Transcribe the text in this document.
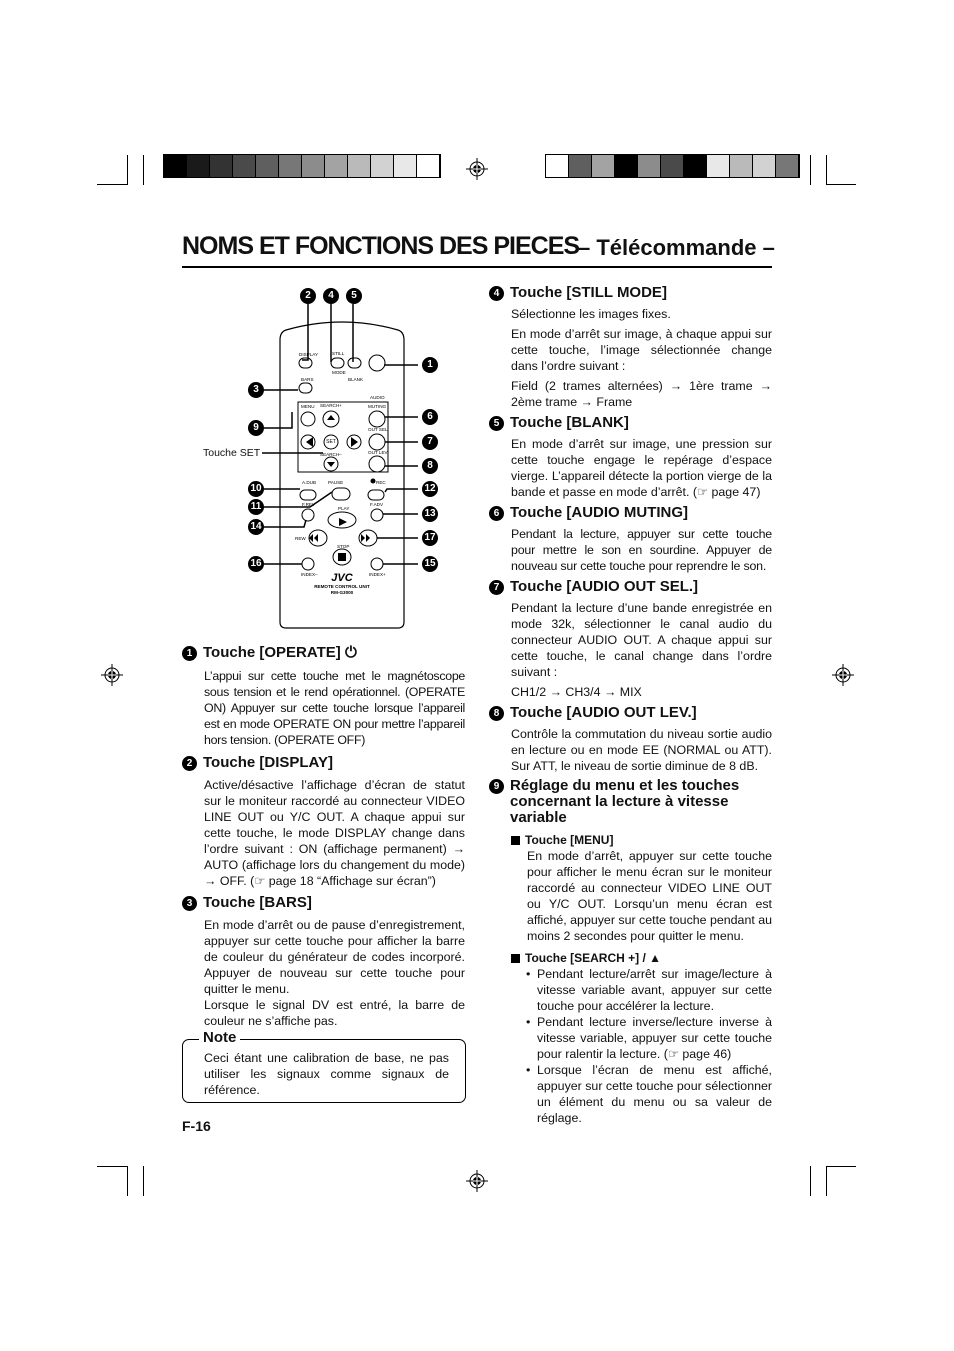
NOMS ET FONCTIONS DES PIECES
– Télécommande –
SET
DISPLAY	STILL
MODE
BLANK
BARS
AUDIO
MUTING
MENU SEARCH+
OUT SEL.
SEARCH–	OUT LEV.
A.DUB	PAUSE	REC
F.REV	F.ADV
PLAY
REW
STOP
INDEX–	INDEX+
REMOTE CONTROL UNIT
RM-G3000
JVC
2	4	5
1
3
6
9
7
8
Touche SET
10	12
11
13
14
17
16	15
1 Touche [OPERATE] ⏻

L’appui sur cette touche met le magnétoscope sous tension et le rend opérationnel. (OPERATE ON) Appuyer sur cette touche lorsque l’appareil est en mode OPERATE ON pour mettre l’appareil hors tension. (OPERATE OFF)

2 Touche [DISPLAY]

Active/désactive l’affichage d’écran de statut sur le moniteur raccordé au connecteur VIDEO LINE OUT ou Y/C OUT. A chaque appui sur cette touche, le mode DISPLAY change dans l’ordre suivant : ON (affichage permanent) → AUTO (affichage lors du changement du mode) → OFF. (☞ page 18 “Affichage sur écran”)

3 Touche [BARS]

En mode d’arrêt ou de pause d’enregistrement, appuyer sur cette touche pour afficher la barre de couleur du générateur de codes incorporé. Appuyer de nouveau sur cette touche pour quitter le menu.

Lorsque le signal DV est entré, la barre de couleur ne s’affiche pas.

Note
Ceci étant une calibration de base, ne pas utiliser les signaux comme signaux de référence.
F-16
4 Touche [STILL MODE]

Sélectionne les images fixes.

En mode d’arrêt sur image, à chaque appui sur cette touche, l’image sélectionnée change dans l’ordre suivant :

Field (2 trames alternées) → 1ère trame → 2ème trame → Frame

5 Touche [BLANK]

En mode d’arrêt sur image, une pression sur cette touche engage le repérage d’espace vierge. L’appareil détecte la portion vierge de la bande et passe en mode d’arrêt. (☞ page 47)

6 Touche [AUDIO MUTING]

Pendant la lecture, appuyer sur cette touche pour mettre le son en sourdine. Appuyer de nouveau sur cette touche pour reprendre le son.

7 Touche [AUDIO OUT SEL.]

Pendant la lecture d’une bande enregistrée en mode 32k, sélectionner le canal audio du connecteur AUDIO OUT. A chaque appui sur cette touche, le canal change dans l’ordre suivant :

CH1/2 → CH3/4 → MIX

8 Touche [AUDIO OUT LEV.]

Contrôle la commutation du niveau sortie audio en lecture ou en mode EE (NORMAL ou ATT). Sur ATT, le niveau de sortie diminue de 8 dB.

9 Réglage du menu et les touches concernant la lecture à vitesse variable
Touche [MENU]

En mode d’arrêt, appuyer sur cette touche pour afficher le menu écran sur le moniteur raccordé au connecteur VIDEO LINE OUT ou Y/C OUT. Lorsqu’un menu écran est affiché, appuyer sur cette touche pendant au moins 2 secondes pour quitter le menu.

Touche [SEARCH +] / ▲
• Pendant lecture/arrêt sur image/lecture à vitesse variable avant, appuyer sur cette touche pour accélérer la lecture.
• Pendant lecture inverse/lecture inverse à vitesse variable, appuyer sur cette touche pour ralentir la lecture. (☞ page 46)
• Lorsque l’écran de menu est affiché, appuyer sur cette touche pour sélectionner un élément du menu ou sa valeur de réglage.
